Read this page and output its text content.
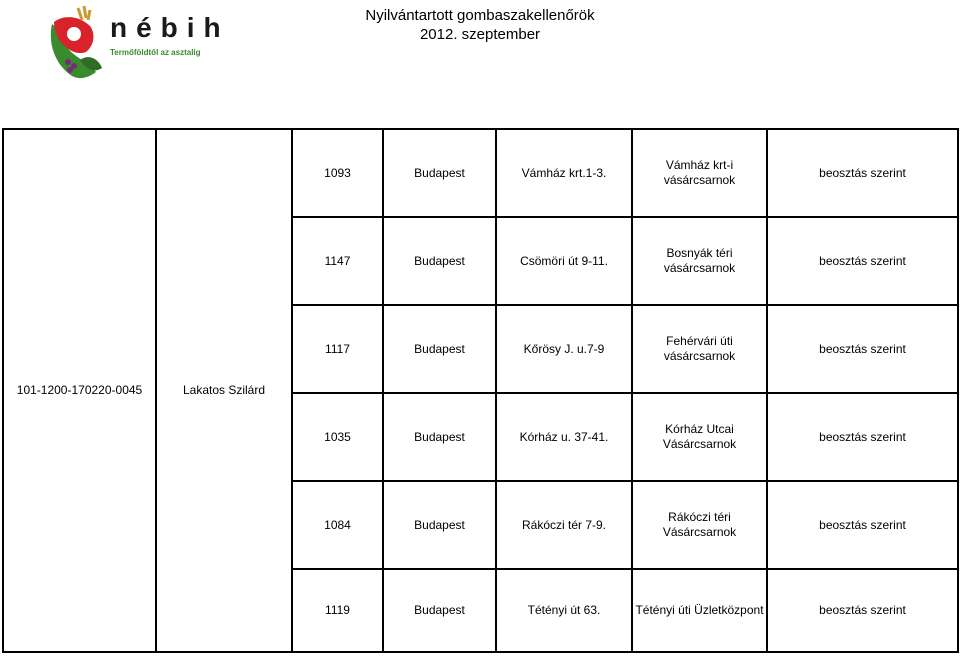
nébih
Termőföldtől az asztalig
Nyilvántartott gombaszakellenőrök
2012. szeptember
101-1200-170220-0045	Lakatos Szilárd	1093	Budapest	Vámház krt.1-3.	Vámház krt-i
vásárcsarnok	beosztás szerint
		1147	Budapest	Csömöri út 9-11.	Bosnyák téri
vásárcsarnok	beosztás szerint
		1117	Budapest	Kőrösy J. u.7-9	Fehérvári úti
vásárcsarnok	beosztás szerint
		1035	Budapest	Kórház u. 37-41.	Kórház Utcai
Vásárcsarnok	beosztás szerint
		1084	Budapest	Rákóczi tér 7-9.	Rákóczi téri
Vásárcsarnok	beosztás szerint
		1119	Budapest	Tétényi út 63.	Tétényi úti Üzletközpont	beosztás szerint
